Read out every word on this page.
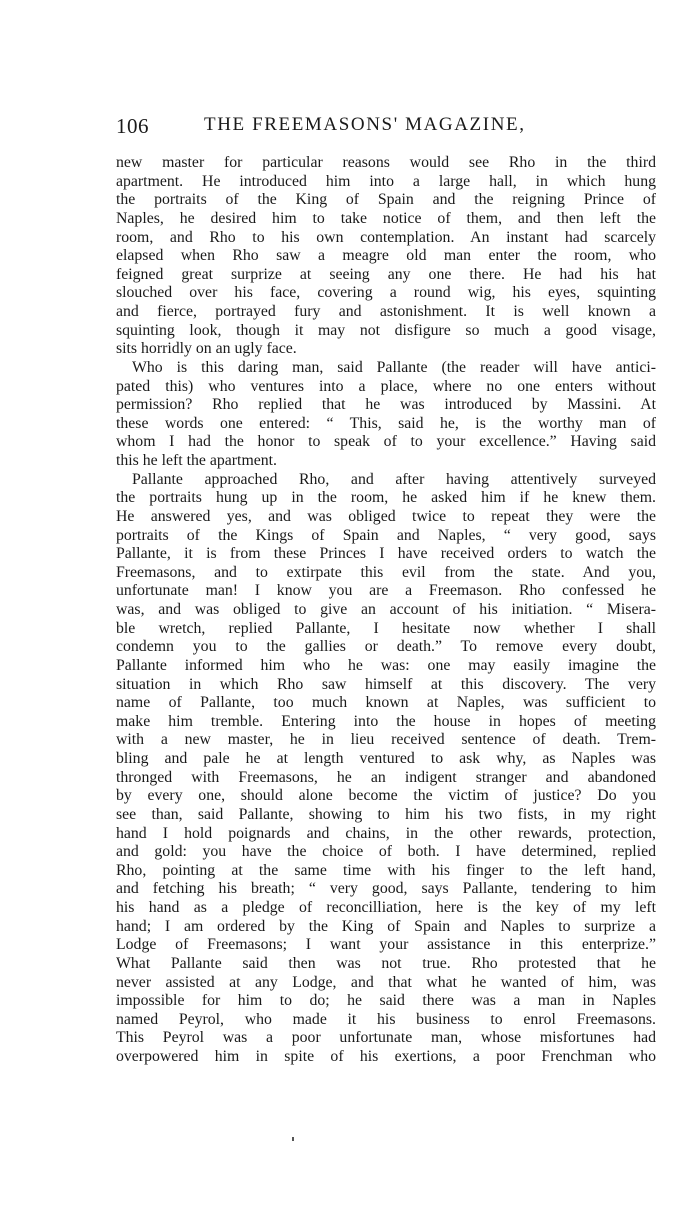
106	THE FREEMASONS' MAGAZINE,
new master for particular reasons would see Rho in the third
apartment. He introduced him into a large hall, in which hung
the portraits of the King of Spain and the reigning Prince of
Naples, he desired him to take notice of them, and then left the
room, and Rho to his own contemplation. An instant had scarcely
elapsed when Rho saw a meagre old man enter the room, who
feigned great surprize at seeing any one there. He had his hat
slouched over his face, covering a round wig, his eyes, squinting
and fierce, portrayed fury and astonishment. It is well known a
squinting look, though it may not disfigure so much a good visage,
sits horridly on an ugly face.
Who is this daring man, said Pallante (the reader will have antici-
pated this) who ventures into a place, where no one enters without
permission? Rho replied that he was introduced by Massini. At
these words one entered: “ This, said he, is the worthy man of
whom I had the honor to speak of to your excellence.” Having said
this he left the apartment.
Pallante approached Rho, and after having attentively surveyed
the portraits hung up in the room, he asked him if he knew them.
He answered yes, and was obliged twice to repeat they were the
portraits of the Kings of Spain and Naples, “ very good, says
Pallante, it is from these Princes I have received orders to watch the
Freemasons, and to extirpate this evil from the state. And you,
unfortunate man! I know you are a Freemason. Rho confessed he
was, and was obliged to give an account of his initiation. “ Misera-
ble wretch, replied Pallante, I hesitate now whether I shall
condemn you to the gallies or death.” To remove every doubt,
Pallante informed him who he was: one may easily imagine the
situation in which Rho saw himself at this discovery. The very
name of Pallante, too much known at Naples, was sufficient to
make him tremble. Entering into the house in hopes of meeting
with a new master, he in lieu received sentence of death. Trem-
bling and pale he at length ventured to ask why, as Naples was
thronged with Freemasons, he an indigent stranger and abandoned
by every one, should alone become the victim of justice? Do you
see than, said Pallante, showing to him his two fists, in my right
hand I hold poignards and chains, in the other rewards, protection,
and gold: you have the choice of both. I have determined, replied
Rho, pointing at the same time with his finger to the left hand,
and fetching his breath; “ very good, says Pallante, tendering to him
his hand as a pledge of reconcilliation, here is the key of my left
hand; I am ordered by the King of Spain and Naples to surprize a
Lodge of Freemasons; I want your assistance in this enterprize.”
What Pallante said then was not true. Rho protested that he
never assisted at any Lodge, and that what he wanted of him, was
impossible for him to do; he said there was a man in Naples
named Peyrol, who made it his business to enrol Freemasons.
This Peyrol was a poor unfortunate man, whose misfortunes had
overpowered him in spite of his exertions, a poor Frenchman who
